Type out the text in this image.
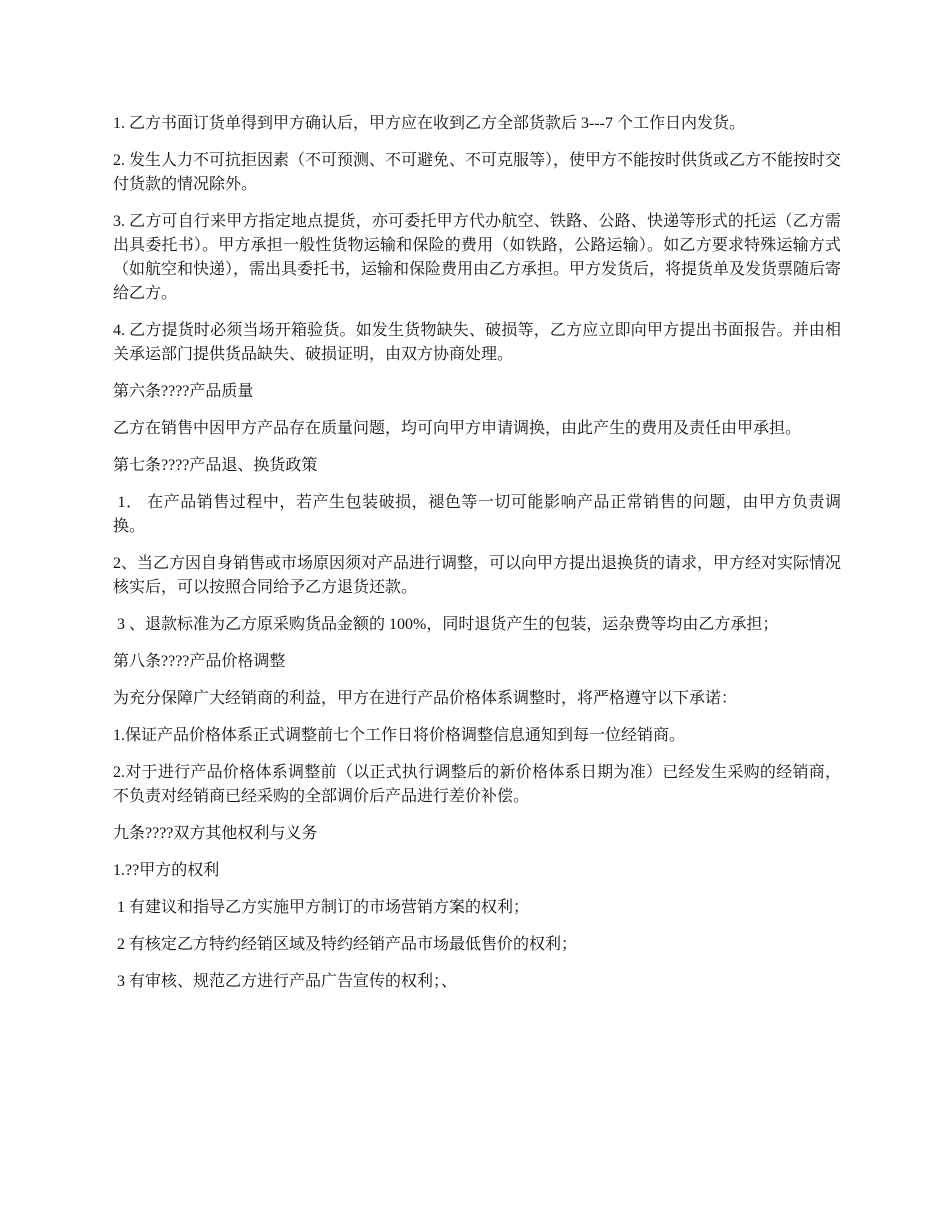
1. 乙方书面订货单得到甲方确认后，甲方应在收到乙方全部货款后 3---7 个工作日内发货。

2. 发生人力不可抗拒因素（不可预测、不可避免、不可克服等），使甲方不能按时供货或乙方不能按时交付货款的情况除外。

3. 乙方可自行来甲方指定地点提货，亦可委托甲方代办航空、铁路、公路、快递等形式的托运（乙方需出具委托书）。甲方承担一般性货物运输和保险的费用（如铁路，公路运输）。如乙方要求特殊运输方式（如航空和快递），需出具委托书，运输和保险费用由乙方承担。甲方发货后，将提货单及发货票随后寄给乙方。

4. 乙方提货时必须当场开箱验货。如发生货物缺失、破损等，乙方应立即向甲方提出书面报告。并由相关承运部门提供货品缺失、破损证明，由双方协商处理。

第六条????产品质量

乙方在销售中因甲方产品存在质量问题，均可向甲方申请调换，由此产生的费用及责任由甲承担。

第七条????产品退、换货政策

1． 在产品销售过程中，若产生包装破损，褪色等一切可能影响产品正常销售的问题，由甲方负责调换。

2、当乙方因自身销售或市场原因须对产品进行调整，可以向甲方提出退换货的请求，甲方经对实际情况核实后，可以按照合同给予乙方退货还款。

3 、退款标准为乙方原采购货品金额的 100%，同时退货产生的包装，运杂费等均由乙方承担；

第八条????产品价格调整

为充分保障广大经销商的利益，甲方在进行产品价格体系调整时，将严格遵守以下承诺：

1.保证产品价格体系正式调整前七个工作日将价格调整信息通知到每一位经销商。

2.对于进行产品价格体系调整前（以正式执行调整后的新价格体系日期为准）已经发生采购的经销商，不负责对经销商已经采购的全部调价后产品进行差价补偿。

九条????双方其他权利与义务

1.??甲方的权利

1 有建议和指导乙方实施甲方制订的市场营销方案的权利；

2 有核定乙方特约经销区域及特约经销产品市场最低售价的权利；

3 有审核、规范乙方进行产品广告宣传的权利；、
